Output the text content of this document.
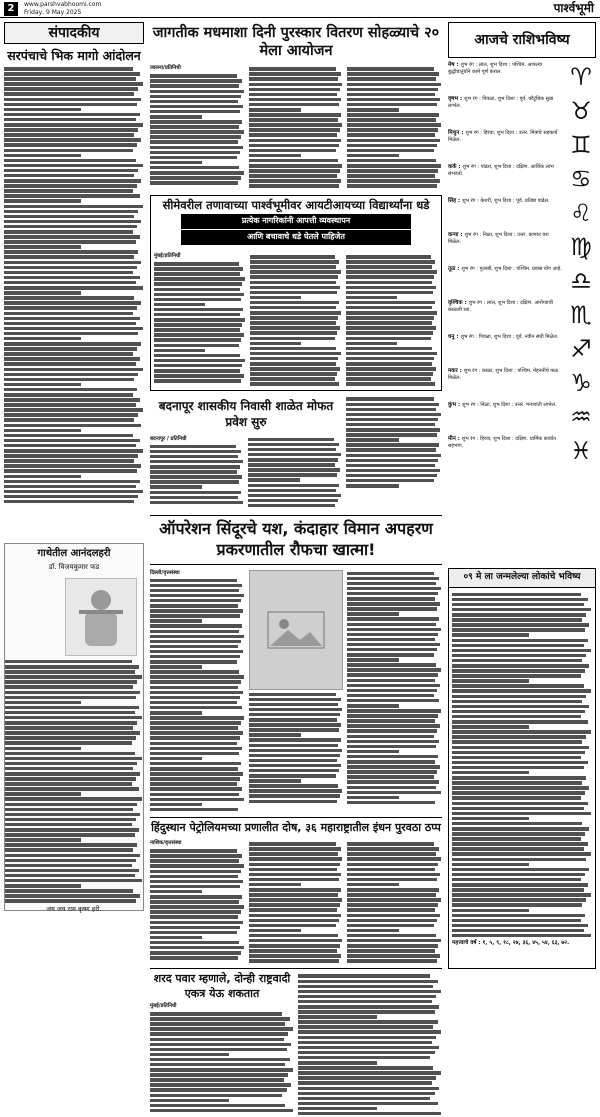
2	www.parshvabhoomi.com
Friday, 9 May 2025	पार्श्वभूमी
संपादकीय
सरपंचाचे भिक मागो आंदोलन
गाथेतील आनंदलहरी
डॉ. विजयकुमार फड
जय जय राम कृष्ण हरी.
जागतीक मधमाशा दिनी पुरस्कार वितरण सोहळ्याचे २० मेला आयोजन
जालना/प्रतिनिधी
सीमेवरील तणावाच्या पार्श्वभूमीवर आयटीआयच्या विद्यार्थ्यांना धडे
प्रत्येक नागरिकांनी आपत्ती व्यवस्थापन
आणि बचावाचे धडे घेतले पाहिजेत
मुंबई/प्रतिनिधी
बदनापूर शासकीय निवासी शाळेत मोफत प्रवेश सुरु
बदनापूर / प्रतिनिधी
ऑपरेशन सिंदूरचे यश, कंदाहार विमान अपहरण प्रकरणातील रौफचा खात्मा!
दिल्ली/वृत्तसंस्था
हिंदुस्थान पेट्रोलियमच्या प्रणालीत दोष, ३६ महाराष्ट्रातील इंधन पुरवठा ठप्प
नाशिक/वृत्तसंस्था
शरद पवार म्हणाले, दोन्ही राष्ट्रवादी एकत्र येऊ शकतात
मुंबई/प्रतिनिधी
आजचे राशिभविष्य
मेष : शुभ रंग : लाल, शुभ दिशा : पश्चिम. आपल्या बुद्धीचातुर्याने कामे पूर्ण कराल.	♈
वृषभ : शुभ रंग : पिवळा, शुभ दिशा : पूर्व. कौटुंबिक सुख लाभेल.	♉
मिथुन : शुभ रंग : हिरवा, शुभ दिशा : उत्तर. मित्रांचे सहकार्य मिळेल.	♊
कर्क : शुभ रंग : पांढरा, शुभ दिशा : दक्षिण. आर्थिक लाभ संभवतो.	♋
सिंह : शुभ रंग : केशरी, शुभ दिशा : पूर्व. प्रतिष्ठा वाढेल. ♌
कन्या : शुभ रंग : निळा, शुभ दिशा : उत्तर. कामात यश मिळेल.	♍
तूळ : शुभ रंग : गुलाबी, शुभ दिशा : पश्चिम. प्रवास योग आहे. ♎
वृश्चिक : शुभ रंग : लाल, शुभ दिशा : दक्षिण. आरोग्याची काळजी घ्या.	♏
धनु : शुभ रंग : पिवळा, शुभ दिशा : पूर्व. नवीन संधी मिळेल. ♐
मकर : शुभ रंग : काळा, शुभ दिशा : पश्चिम. मेहनतीचे फळ मिळेल.	♑
कुंभ : शुभ रंग : निळा, शुभ दिशा : उत्तर. मनःशांती लाभेल. ♒
मीन : शुभ रंग : हिरवा, शुभ दिशा : दक्षिण. धार्मिक कार्यात सहभाग.	♓
०९ मे ला जन्मलेल्या लोकांचे भविष्य
महत्त्वाचे वर्ष : १, ५, ९, १८, २७, ३६, ४५, ५४, ६३, ७२.
